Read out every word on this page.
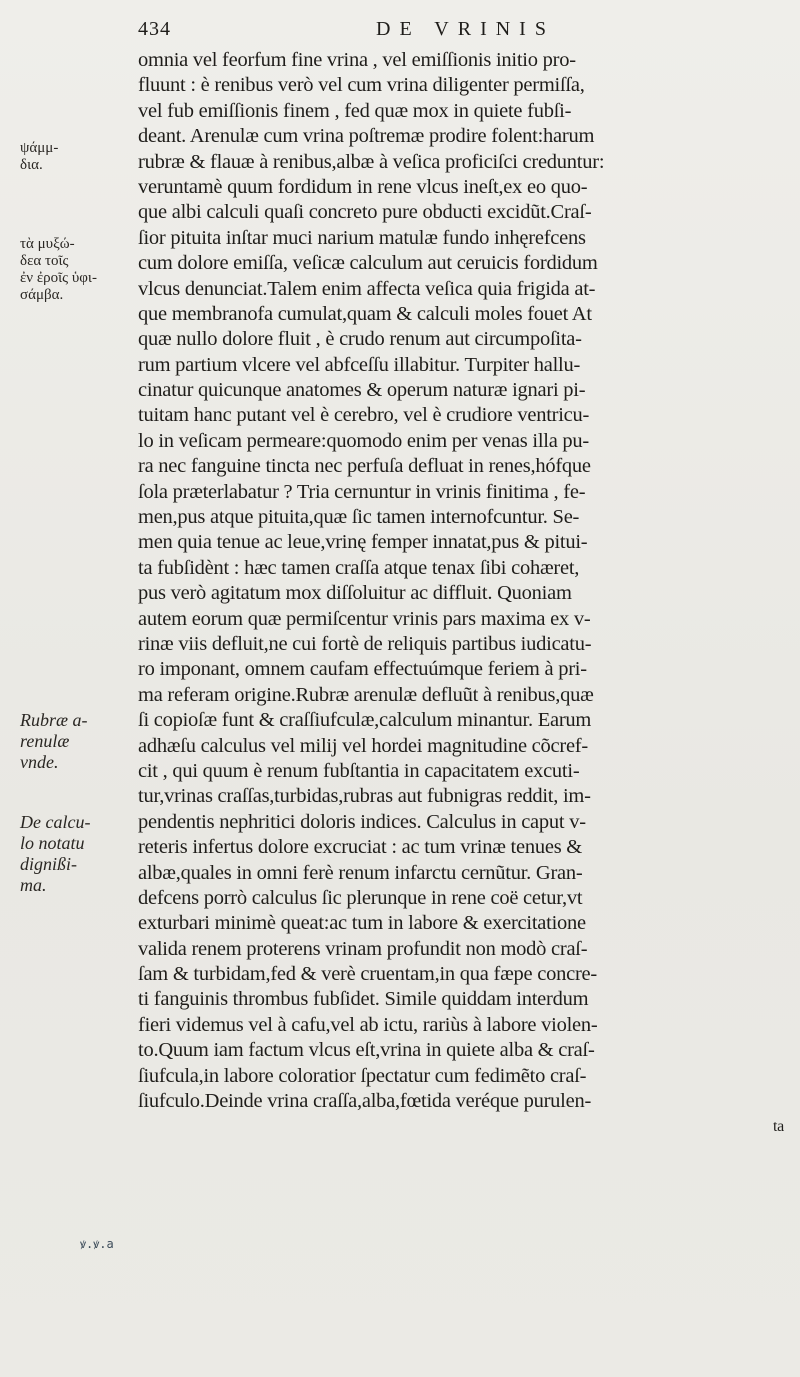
434	DE VRINIS
ψάμμ-
δια.
τὰ μυξώ-
δεα τοῖς
ἐν ἐροῖς ὑφι-
σάμβα.
Rubræ a-
renulæ
vnde.
De calcu-
lo notatu
dignißi-
ma.
omnia vel feorfum fine vrina , vel emiſſionis initio pro-
fluunt : è renibus verò vel cum vrina diligenter permiſſa,
vel fub emiſſionis finem , fed quæ mox in quiete fubſi-
deant. Arenulæ cum vrina poſtremæ prodire folent:harum
rubræ & flauæ à renibus,albæ à veſica proficiſci creduntur:
veruntamè quum fordidum in rene vlcus ineſt,ex eo quo-
que albi calculi quaſi concreto pure obducti excidũt.Craſ-
ſior pituita inſtar muci narium matulæ fundo inhęrefcens
cum dolore emiſſa, veſicæ calculum aut ceruicis fordidum
vlcus denunciat.Talem enim affecta veſica quia frigida at-
que membranofa cumulat,quam & calculi moles fouet At
quæ nullo dolore fluit , è crudo renum aut circumpoſita-
rum partium vlcere vel abfceſſu illabitur. Turpiter hallu-
cinatur quicunque anatomes & operum naturæ ignari pi-
tuitam hanc putant vel è cerebro, vel è crudiore ventricu-
lo in veſicam permeare:quomodo enim per venas illa pu-
ra nec fanguine tincta nec perfuſa defluat in renes,hófque
ſola præterlabatur ? Tria cernuntur in vrinis finitima , fe-
men,pus atque pituita,quæ ſic tamen internofcuntur. Se-
men quia tenue ac leue,vrinę femper innatat,pus & pitui-
ta fubſidènt : hæc tamen craſſa atque tenax ſibi cohæret,
pus verò agitatum mox diſſoluitur ac diffluit. Quoniam
autem eorum quæ permiſcentur vrinis pars maxima ex v-
rinæ viis defluit,ne cui fortè de reliquis partibus iudicatu-
ro imponant, omnem caufam effectuúmque feriem à pri-
ma referam origine.Rubræ arenulæ defluũt à renibus,quæ
ſi copioſæ funt & craſſiufculæ,calculum minantur. Earum
adhæſu calculus vel milij vel hordei magnitudine cõcref-
cit , qui quum è renum fubſtantia in capacitatem excuti-
tur,vrinas craſſas,turbidas,rubras aut fubnigras reddit, im-
pendentis nephritici doloris indices. Calculus in caput v-
reteris infertus dolore excruciat : ac tum vrinæ tenues &
albæ,quales in omni ferè renum infarctu cernũtur. Gran-
defcens porrò calculus ſic plerunque in rene coë cetur,vt
exturbari minimè queat:ac tum in labore & exercitatione
valida renem proterens vrinam profundit non modò craſ-
ſam & turbidam,fed & verè cruentam,in qua fæpe concre-
ti fanguinis thrombus fubſidet. Simile quiddam interdum
fieri videmus vel à cafu,vel ab ictu, rariùs à labore violen-
to.Quum iam factum vlcus eſt,vrina in quiete alba & craſ-
ſiufcula,in labore coloratior ſpectatur cum fedimẽto craſ-
ſiufculo.Deinde vrina craſſa,alba,fœtida veréque purulen-
ta
ꝟ.ꝟ.a
